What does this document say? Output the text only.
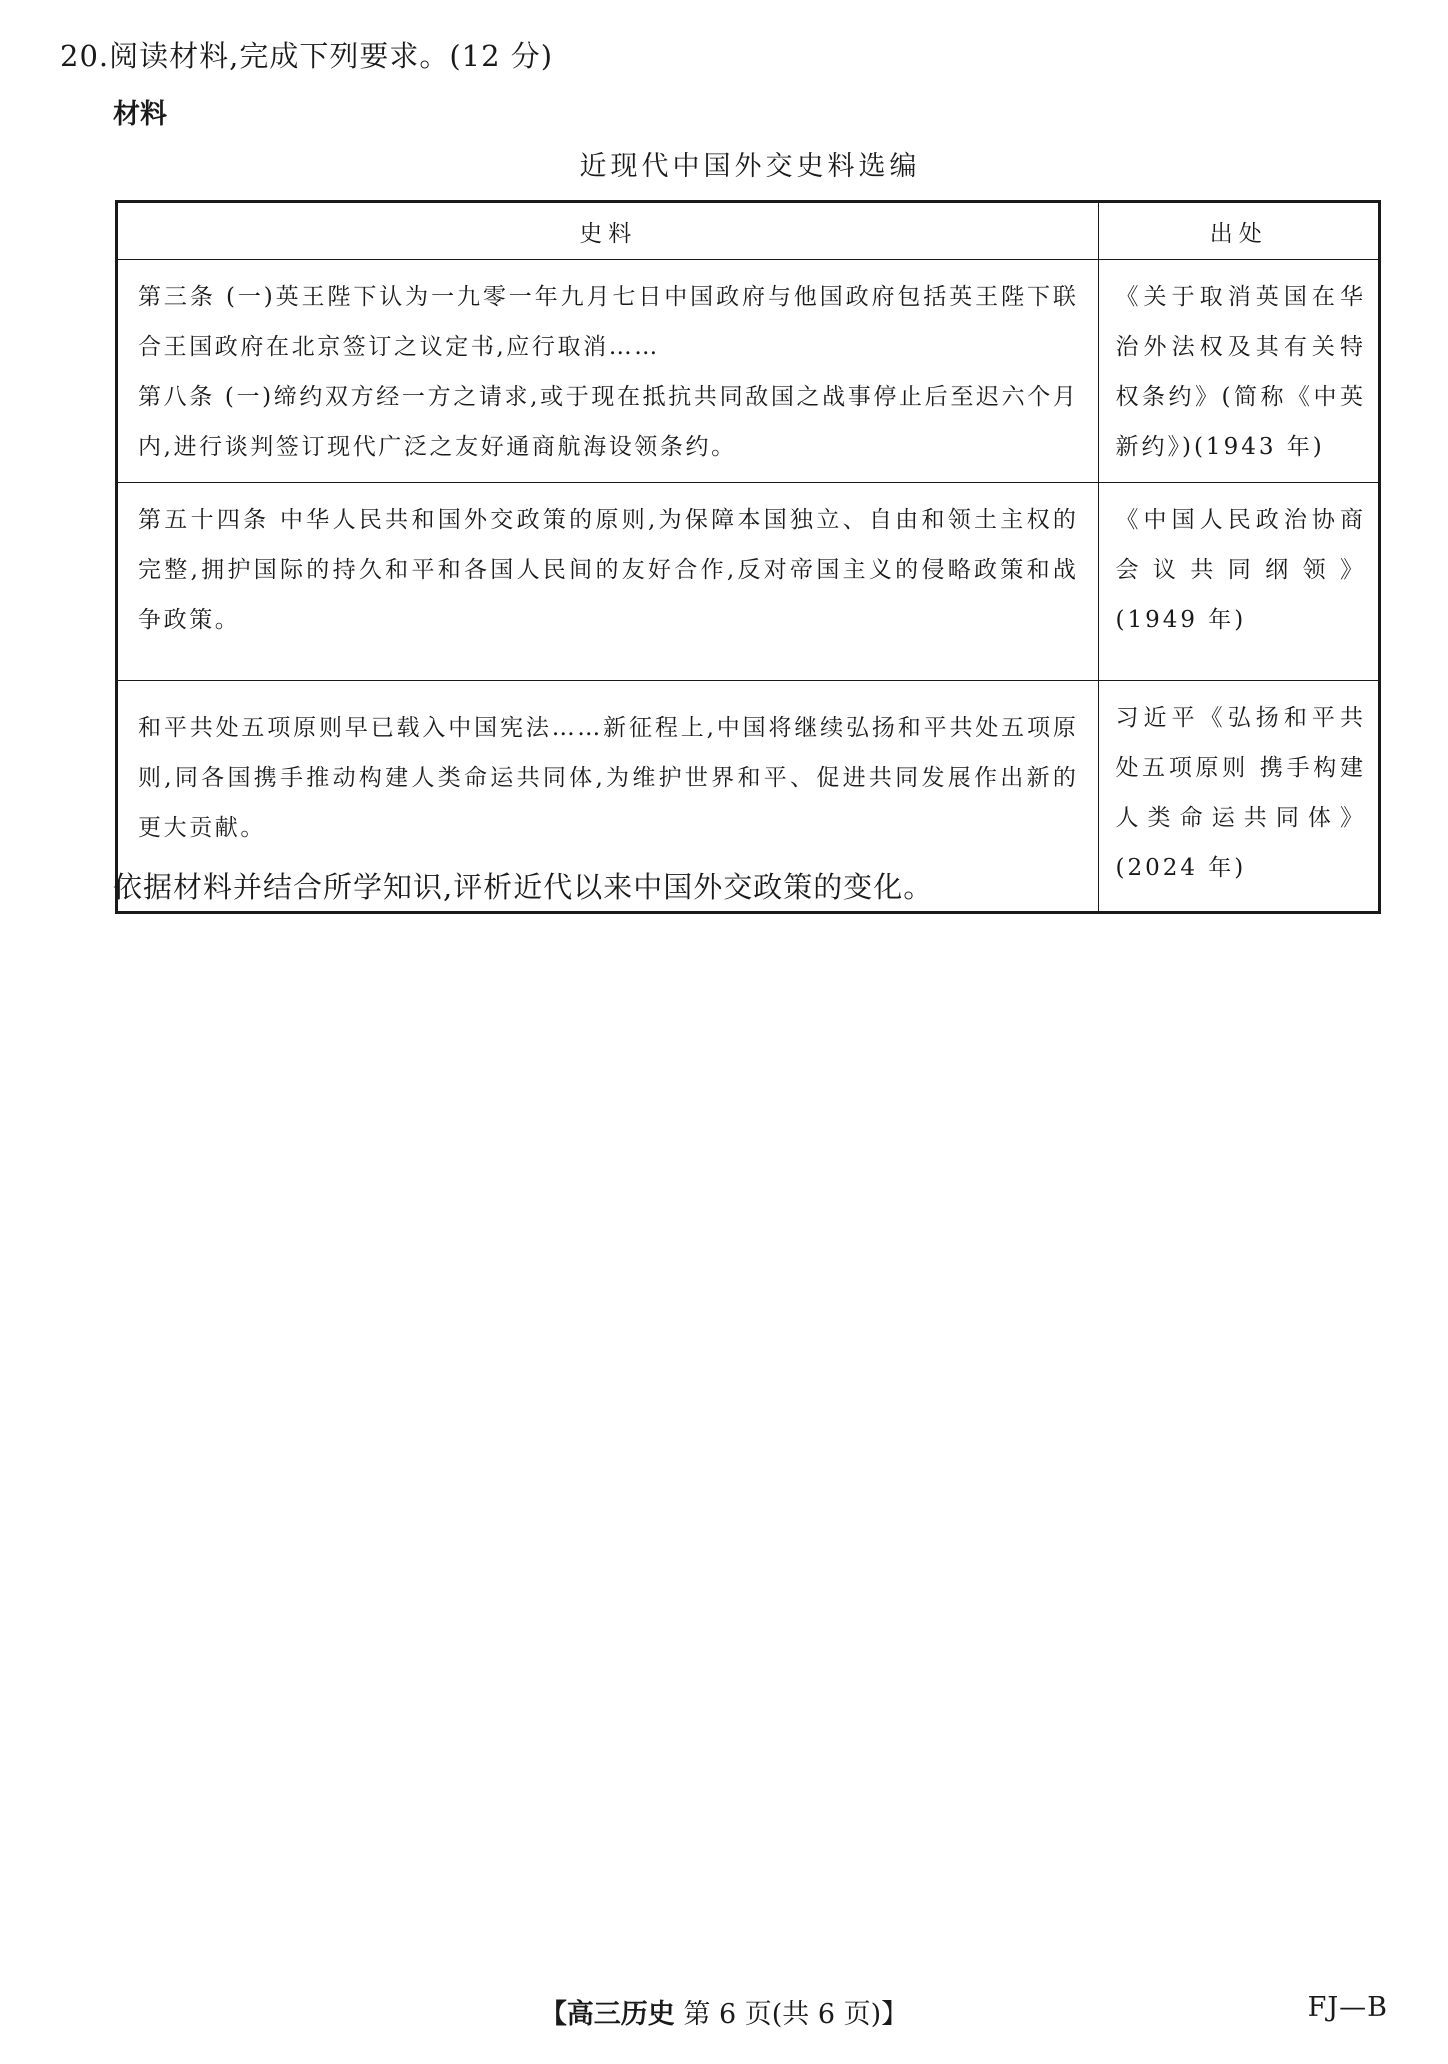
20.阅读材料,完成下列要求。(12 分)
材料
近现代中国外交史料选编
史料	出处

第三条 (一)英王陛下认为一九零一年九月七日中国政府与他国政府包括英王陛下联合王国政府在北京签订之议定书,应行取消……
第八条 (一)缔约双方经一方之请求,或于现在抵抗共同敌国之战事停止后至迟六个月内,进行谈判签订现代广泛之友好通商航海设领条约。	《关于取消英国在华治外法权及其有关特权条约》(简称《中英新约》)(1943 年)

第五十四条 中华人民共和国外交政策的原则,为保障本国独立、自由和领土主权的完整,拥护国际的持久和平和各国人民间的友好合作,反对帝国主义的侵略政策和战争政策。	《中国人民政治协商会议共同纲领》(1949 年)

和平共处五项原则早已载入中国宪法……新征程上,中国将继续弘扬和平共处五项原则,同各国携手推动构建人类命运共同体,为维护世界和平、促进共同发展作出新的更大贡献。	习近平《弘扬和平共处五项原则 携手构建人类命运共同体》(2024 年)
依据材料并结合所学知识,评析近代以来中国外交政策的变化。
【高三历史 第 6 页(共 6 页)】	FJ—B
